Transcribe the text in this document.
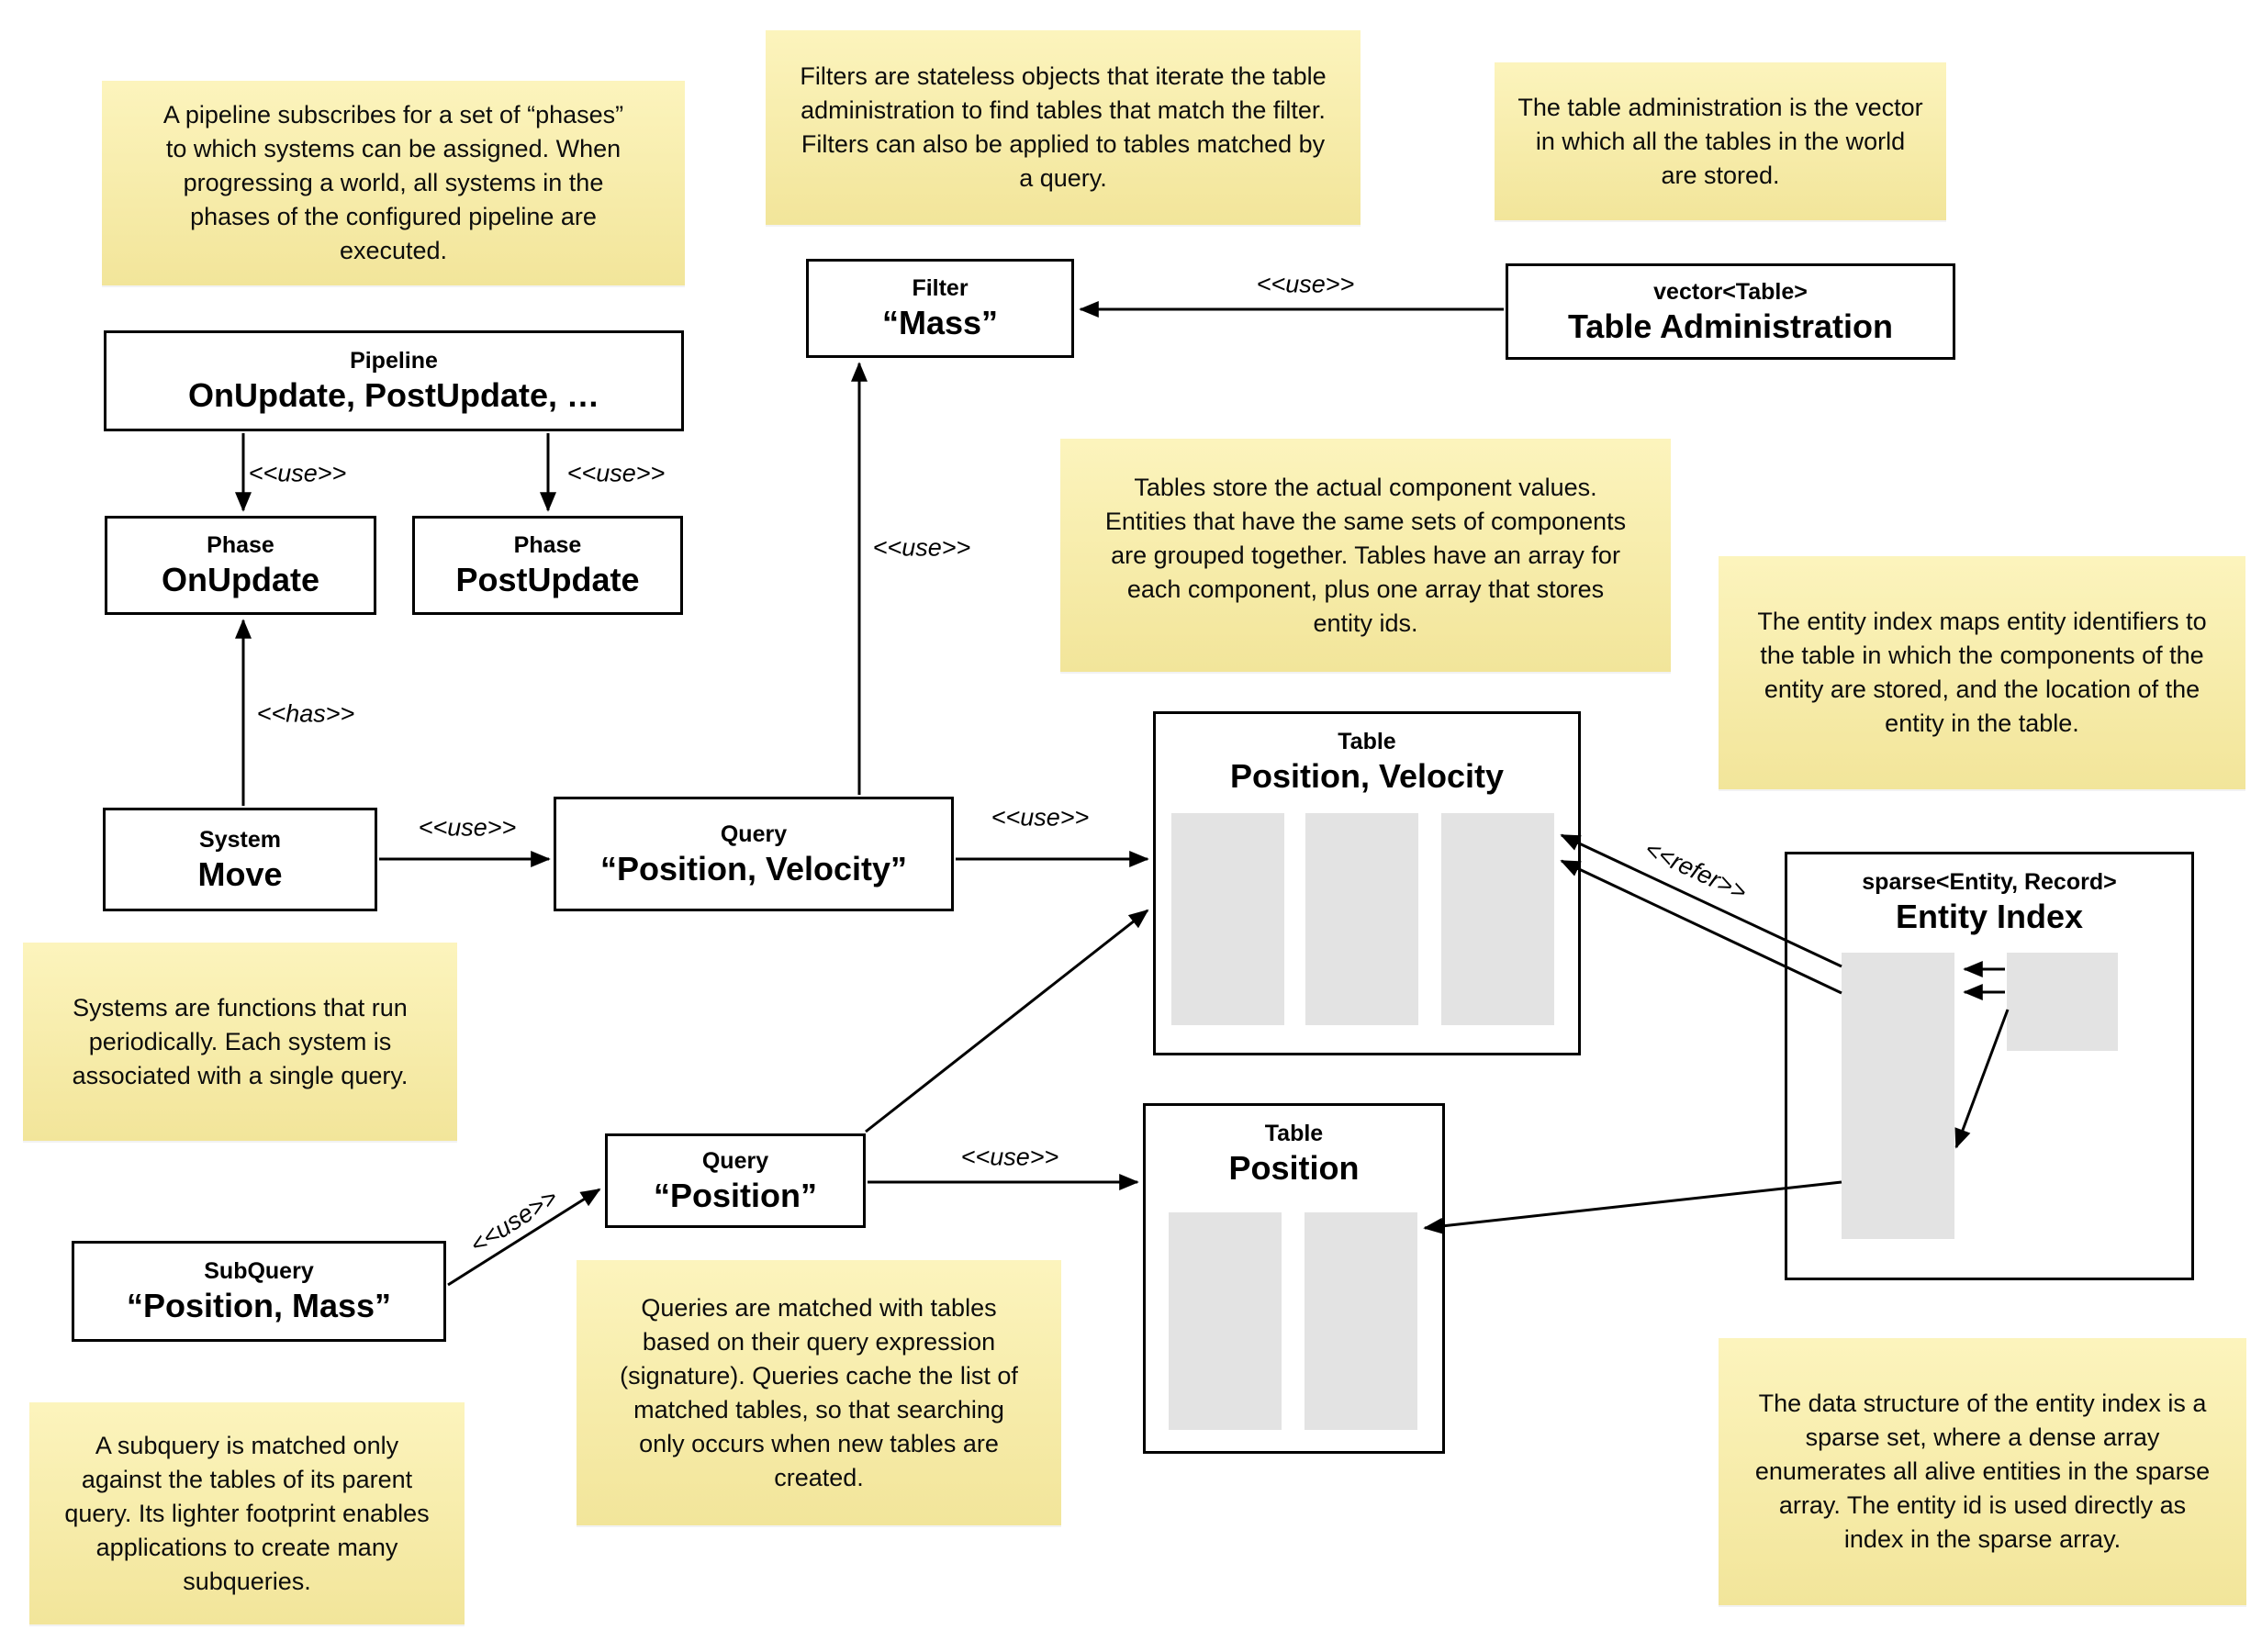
A pipeline subscribes for a set of “phases” to which systems can be assigned. When progressing a world, all systems in the phases of the configured pipeline are executed.
Filters are stateless objects that iterate the table administration to find tables that match the filter. Filters can also be applied to tables matched by a query.
The table administration is the vector in which all the tables in the world are stored.
Tables store the actual component values. Entities that have the same sets of components are grouped together. Tables have an array for each component, plus one array that stores entity ids.	The entity index maps entity identifiers to the table in which the components of the entity are stored, and the location of the entity in the table.
Systems are functions that run periodically. Each system is associated with a single query.
Queries are matched with tables based on their query expression (signature). Queries cache the list of matched tables, so that searching only occurs when new tables are created.
A subquery is matched only against the tables of its parent query. Its lighter footprint enables applications to create many subqueries.
The data structure of the entity index is a sparse set, where a dense array enumerates all alive entities in the sparse array. The entity id is used directly as index in the sparse array.
Pipeline
OnUpdate, PostUpdate, …
Phase
OnUpdate
Phase
PostUpdate
System
Move
Query
“Position, Velocity”
Filter
“Mass”
vector<Table>
Table Administration
Query
“Position”
SubQuery
“Position, Mass”
Table
Position, Velocity
Table
Position
sparse<Entity, Record>
Entity Index
<<use>>	<<use>>
<<has>>
<<use>>
<<use>>
<<use>>
<<use>>
<<use>>
<<use>>
<<refer>>
